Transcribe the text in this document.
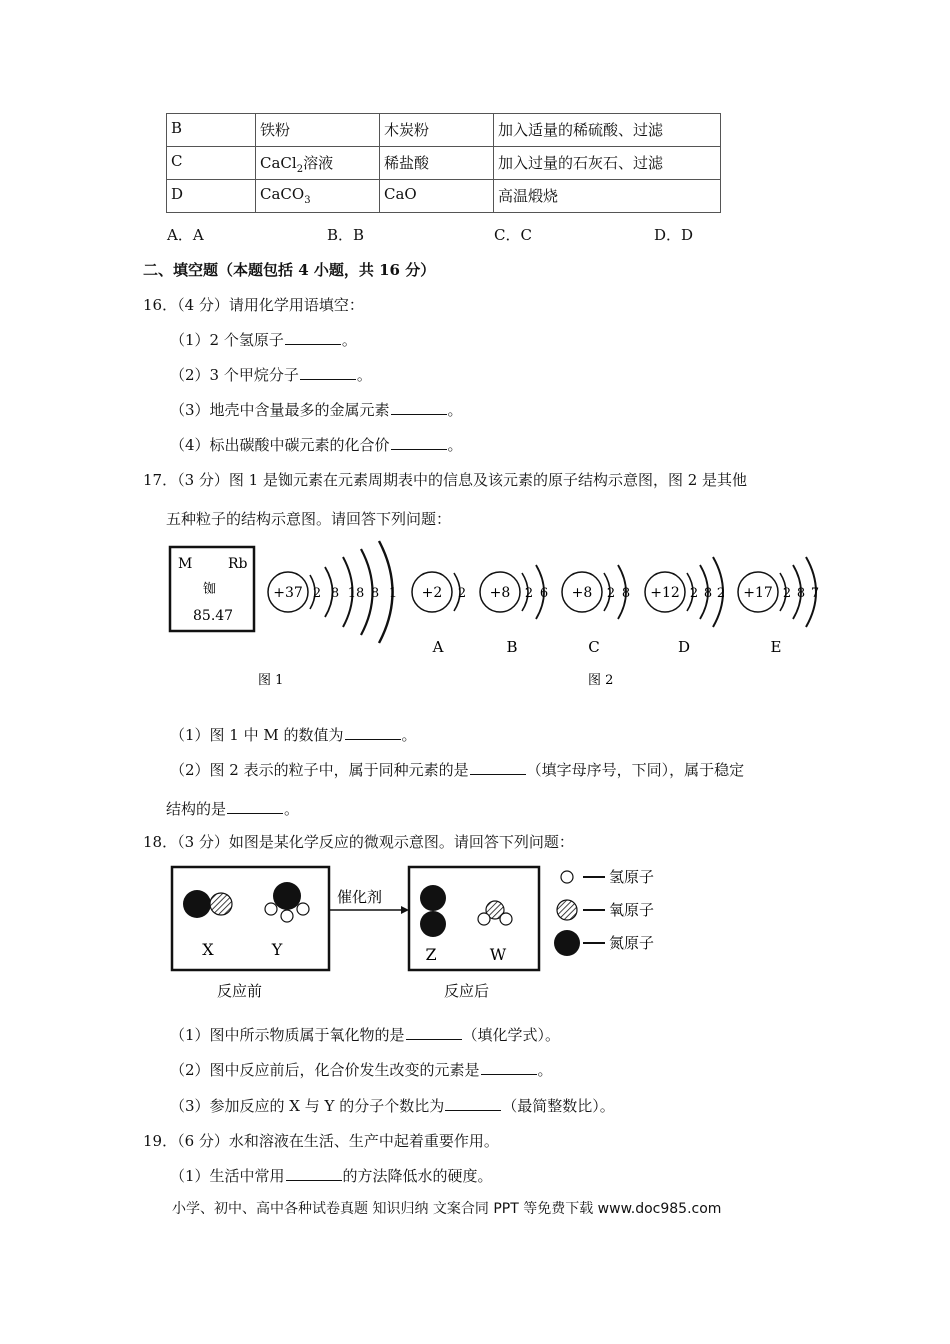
B	铁粉	木炭粉	加入适量的稀硫酸、过滤
C	CaCl$_2$溶液	稀盐酸	加入过量的石灰石、过滤
D	CaCO$_3$	CaO	高温煅烧
A．A	B．B	C．C	D．D
二、填空题（本题包括 4 小题，共 16 分）
16．（4 分）请用化学用语填空：
（1）2 个氢原子	。
（2）3 个甲烷分子	。
（3）地壳中含量最多的金属元素	。
（4）标出碳酸中碳元素的化合价	。
17．（3 分）图 1 是铷元素在元素周期表中的信息及该元素的原子结构示意图，图 2 是其他
五种粒子的结构示意图。请回答下列问题：
M	Rb
铷
85.47
+37 2 8 18 8 1 +2 2
A
+8 2 6
B
+8 2 8
C
+12 2 8 2
D
+17 2 8 7
E
图 1	图 2
（1）图 1 中 M 的数值为	。
（2）图 2 表示的粒子中，属于同种元素的是	（填字母序号，下同），属于稳定
结构的是	。
18．（3 分）如图是某化学反应的微观示意图。请回答下列问题：
X	Y
催化剂
Z	W
反应前	反应后
氢原子
氧原子
氮原子
（1）图中所示物质属于氧化物的是	（填化学式）。
（2）图中反应前后，化合价发生改变的元素是	。
（3）参加反应的 X 与 Y 的分子个数比为	（最简整数比）。
19．（6 分）水和溶液在生活、生产中起着重要作用。
（1）生活中常用	的方法降低水的硬度。
小学、初中、高中各种试卷真题 知识归纳 文案合同 PPT 等免费下载 www.doc985.com
